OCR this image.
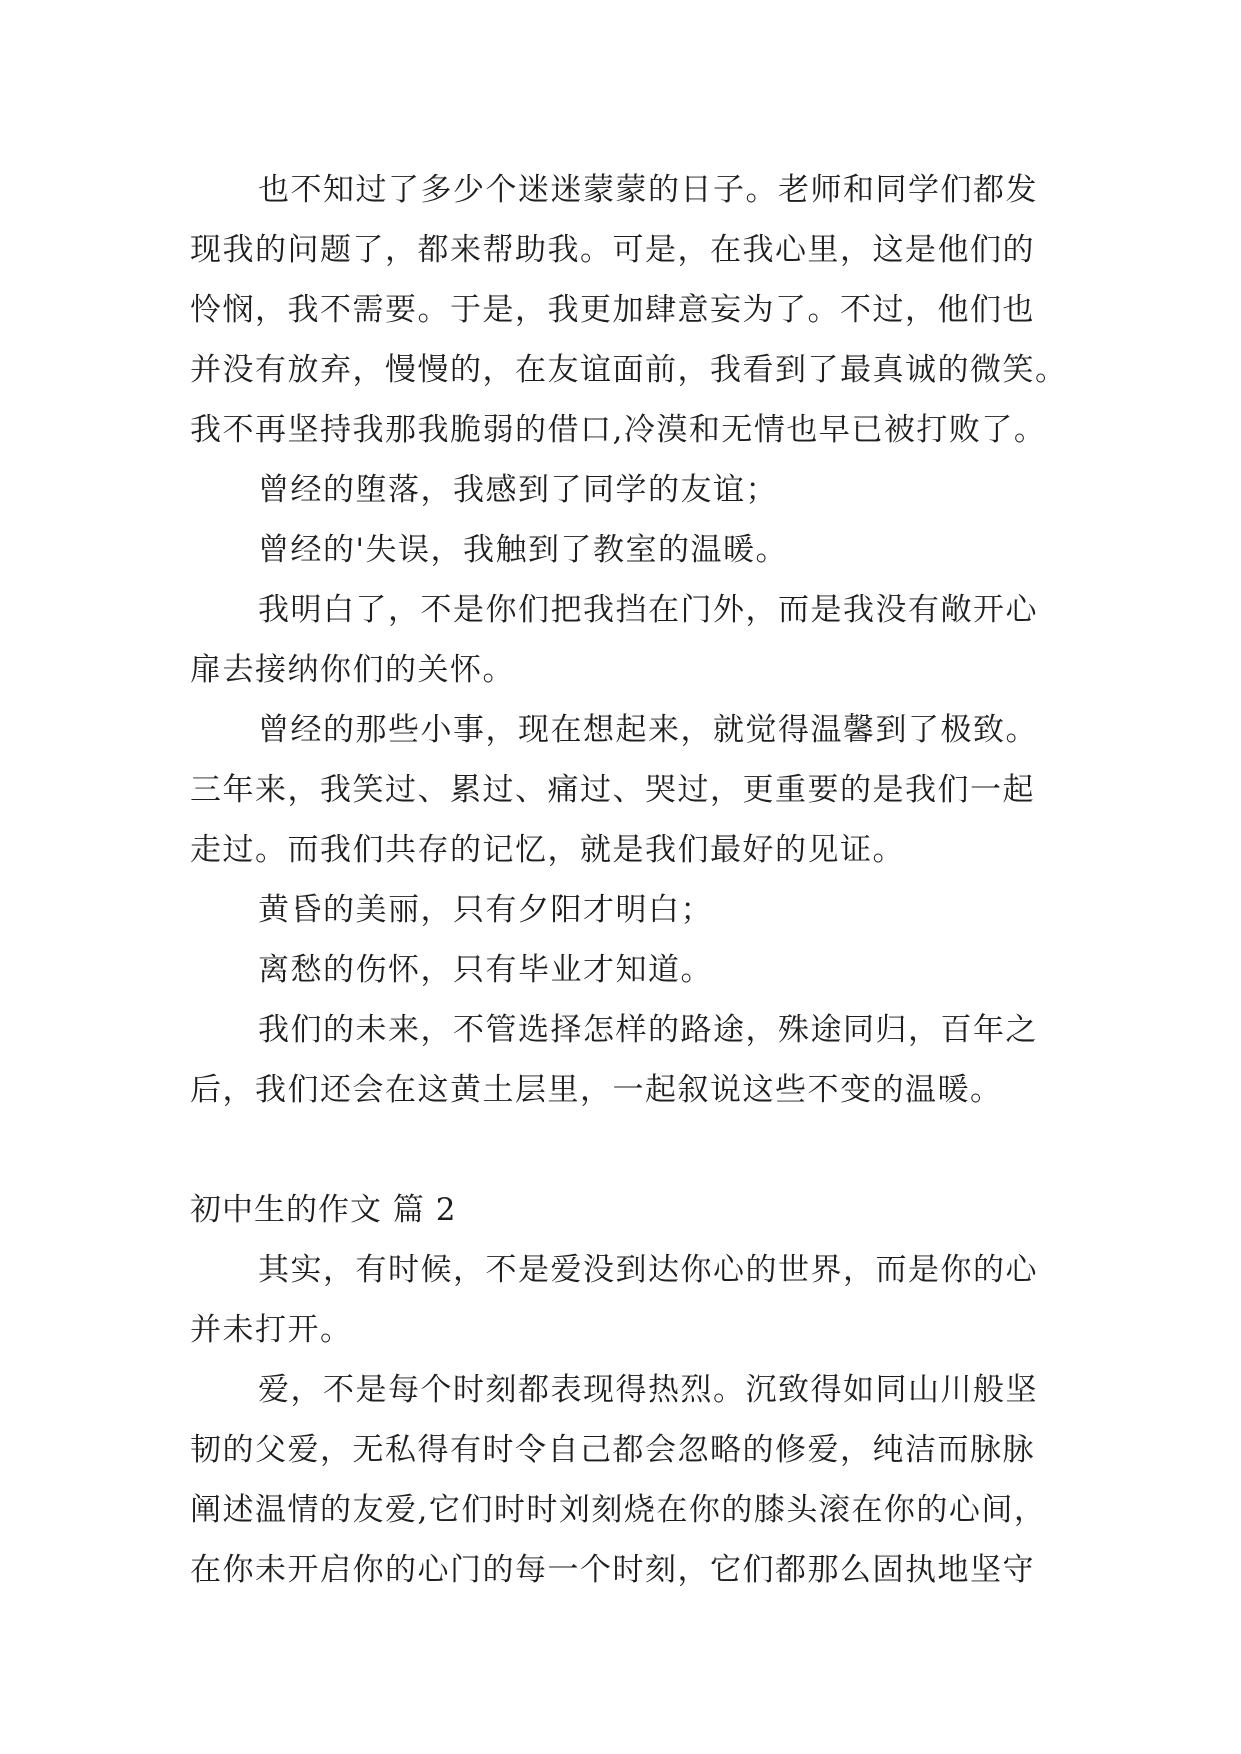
也不知过了多少个迷迷蒙蒙的日子。老师和同学们都发
现我的问题了，都来帮助我。可是，在我心里，这是他们的
怜悯，我不需要。于是，我更加肆意妄为了。不过，他们也
并没有放弃，慢慢的，在友谊面前，我看到了最真诚的微笑。
我不再坚持我那我脆弱的借口,冷漠和无情也早已被打败了。
曾经的堕落，我感到了同学的友谊；
曾经的'失误，我触到了教室的温暖。
我明白了，不是你们把我挡在门外，而是我没有敞开心
扉去接纳你们的关怀。
曾经的那些小事，现在想起来，就觉得温馨到了极致。
三年来，我笑过、累过、痛过、哭过，更重要的是我们一起
走过。而我们共存的记忆，就是我们最好的见证。
黄昏的美丽，只有夕阳才明白；
离愁的伤怀，只有毕业才知道。
我们的未来，不管选择怎样的路途，殊途同归，百年之
后，我们还会在这黄土层里，一起叙说这些不变的温暖。
初中生的作文 篇 2
其实，有时候，不是爱没到达你心的世界，而是你的心
并未打开。
爱，不是每个时刻都表现得热烈。沉致得如同山川般坚
韧的父爱，无私得有时令自己都会忽略的修爱，纯洁而脉脉
阐述温情的友爱,它们时时刘刻烧在你的膝头滚在你的心间，
在你未开启你的心门的每一个时刻，它们都那么固执地坚守
